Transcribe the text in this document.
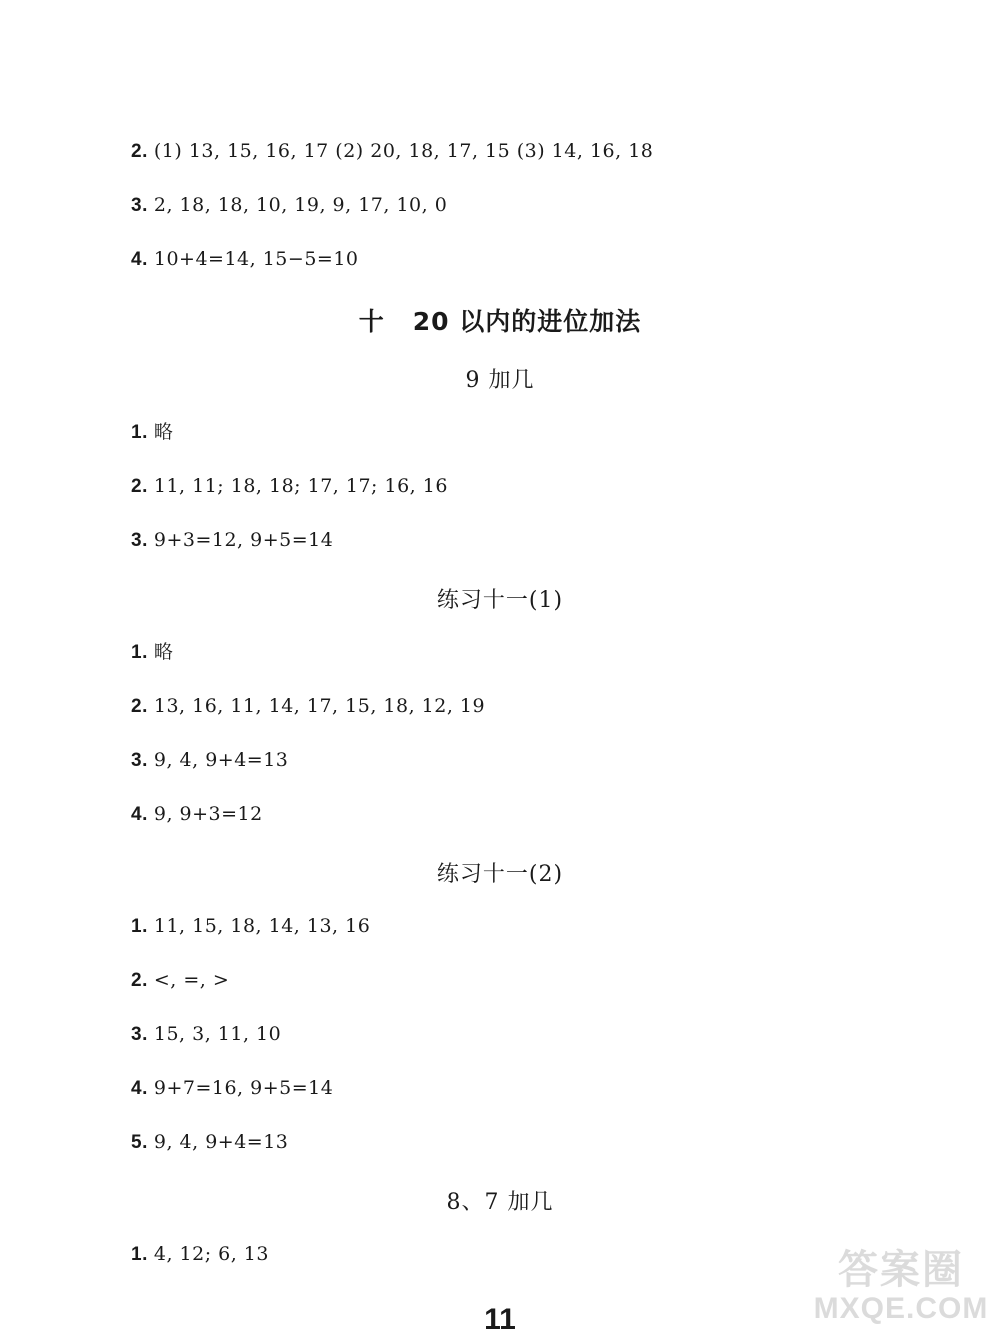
2. (1) 13, 15, 16, 17 (2) 20, 18, 17, 15 (3) 14, 16, 18
3. 2, 18, 18, 10, 19, 9, 17, 10, 0
4. 10+4=14, 15−5=10
十 20 以内的进位加法
9 加几
1. 略
2. 11, 11; 18, 18; 17, 17; 16, 16
3. 9+3=12, 9+5=14
练习十一(1)
1. 略
2. 13, 16, 11, 14, 17, 15, 18, 12, 19
3. 9, 4, 9+4=13
4. 9, 9+3=12
练习十一(2)
1. 11, 15, 18, 14, 13, 16
2. <, =, >
3. 15, 3, 11, 10
4. 9+7=16, 9+5=14
5. 9, 4, 9+4=13
8、7 加几
1. 4, 12; 6, 13
11
答案圈
MXQE.COM
